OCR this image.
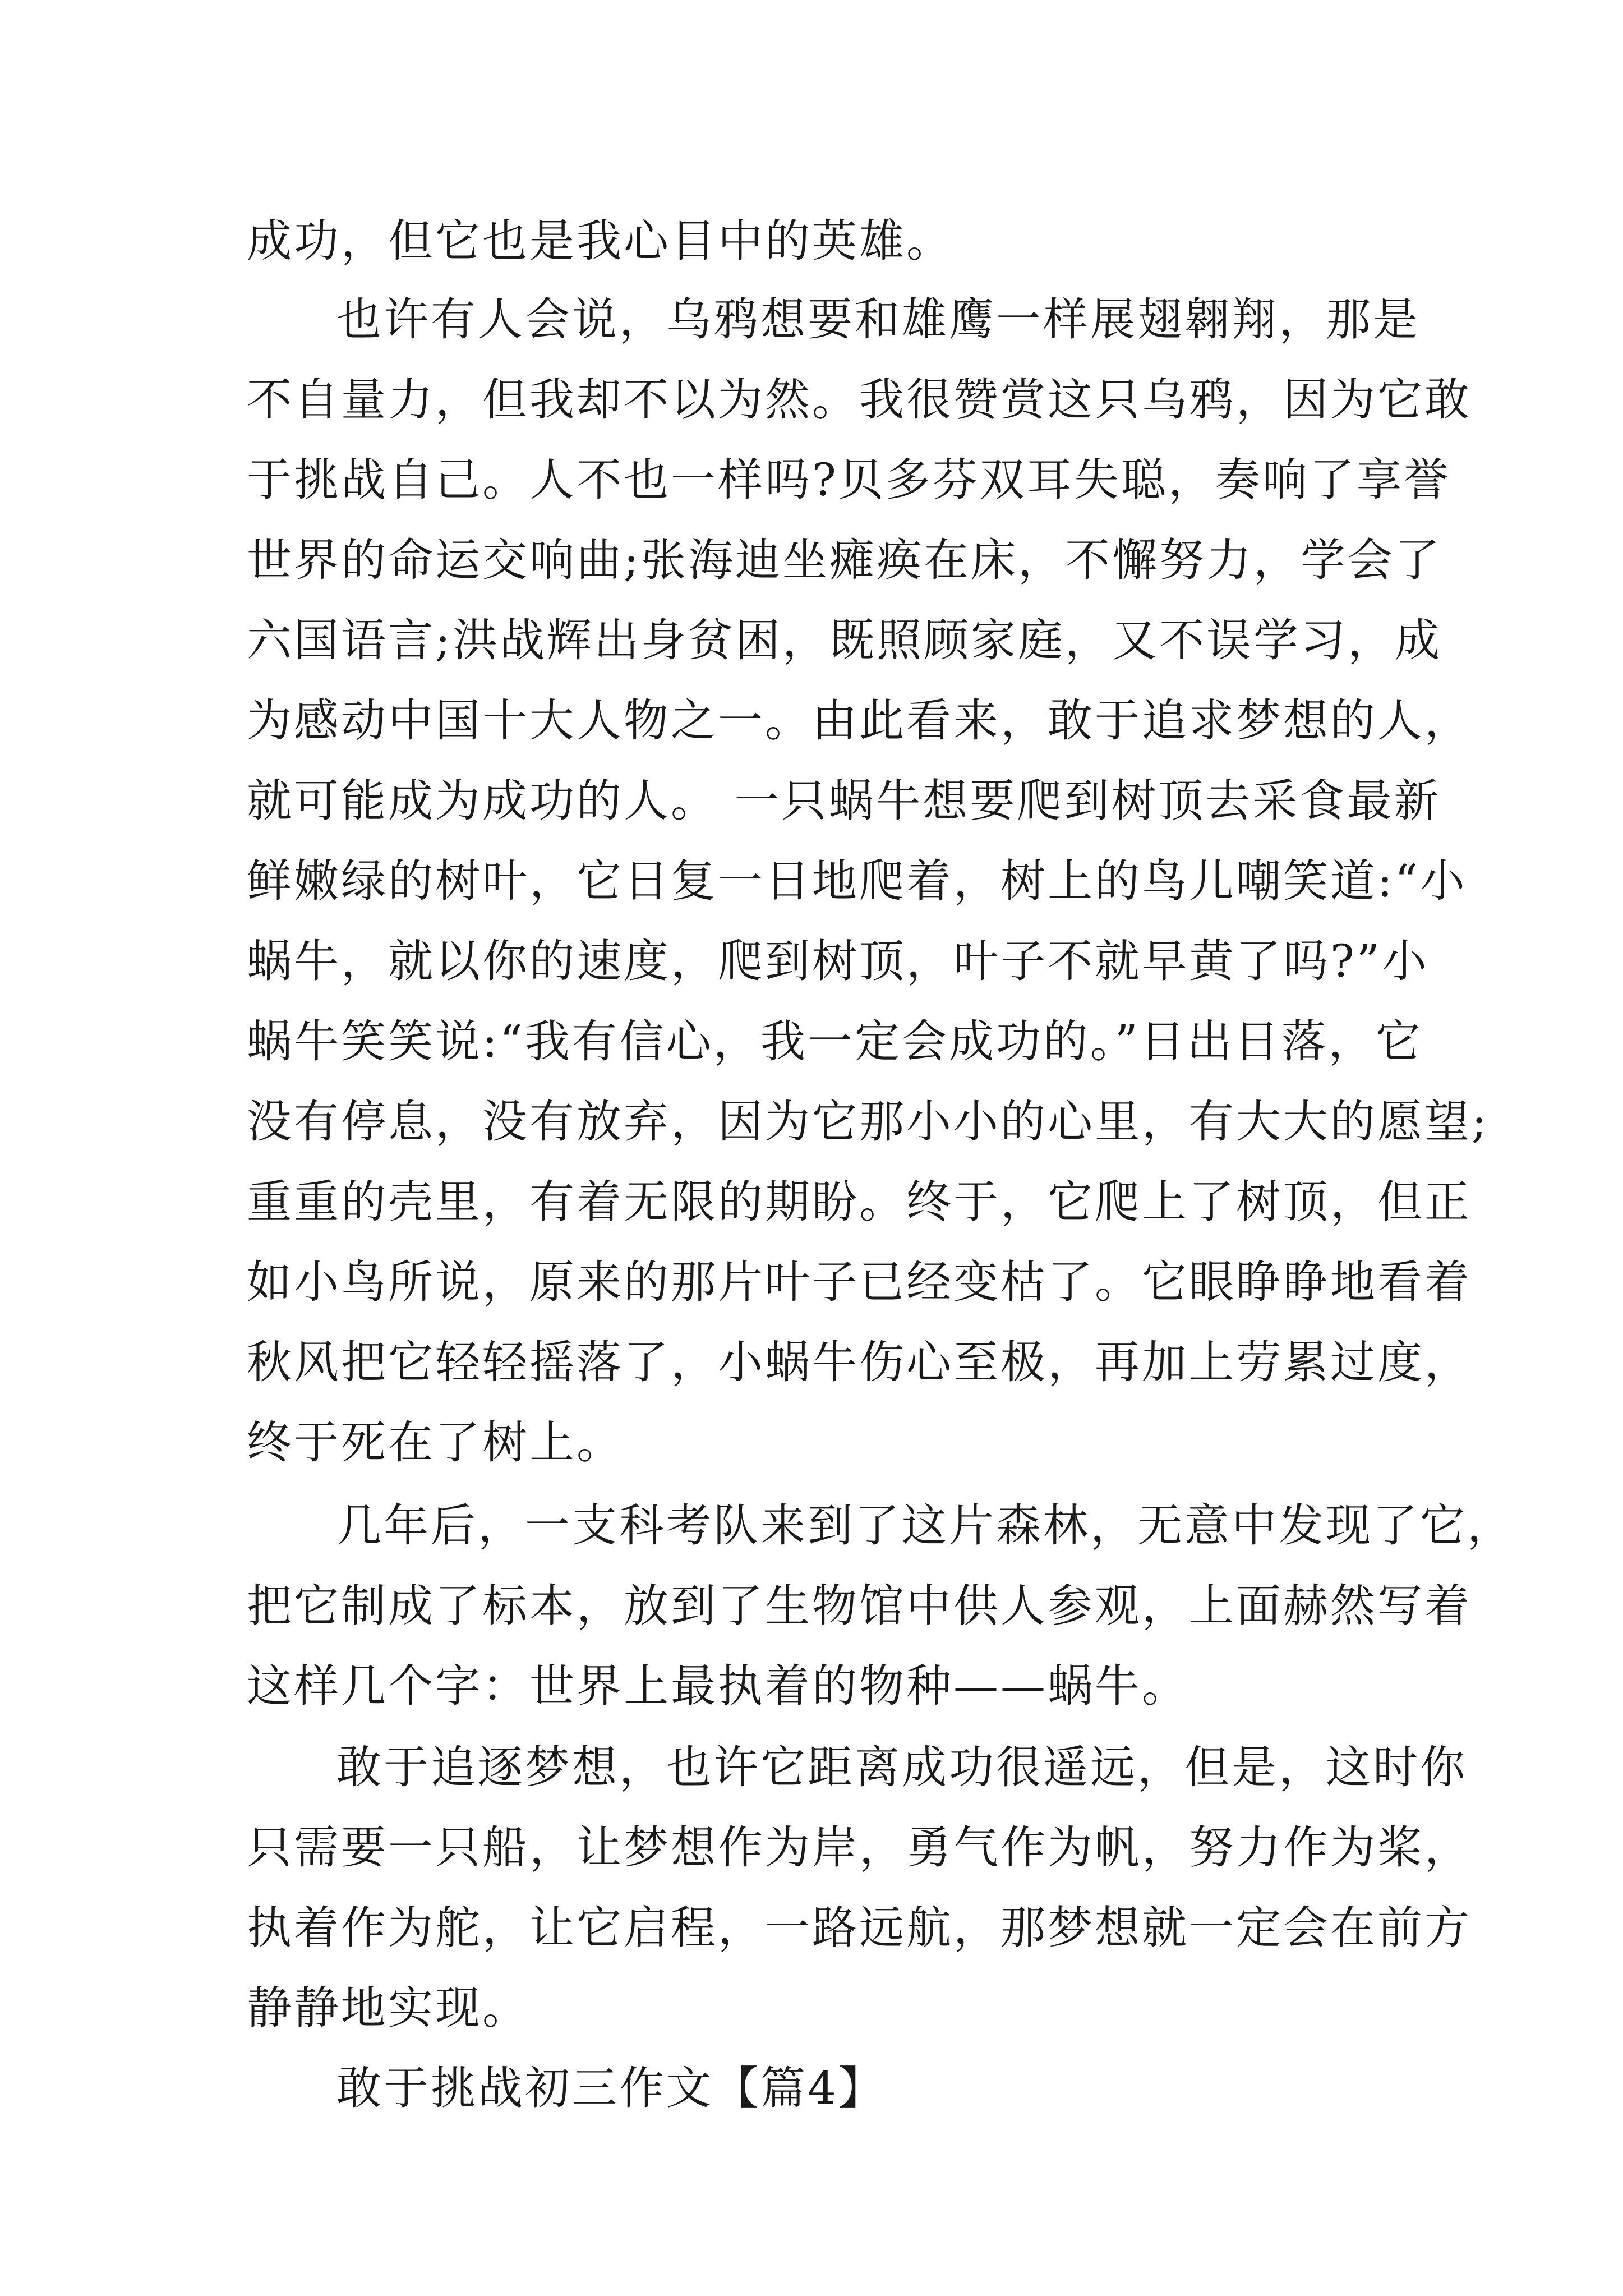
成功，但它也是我心目中的英雄。
也许有人会说，乌鸦想要和雄鹰一样展翅翱翔，那是
不自量力，但我却不以为然。我很赞赏这只乌鸦，因为它敢
于挑战自己。人不也一样吗?贝多芬双耳失聪，奏响了享誉
世界的命运交响曲;张海迪坐瘫痪在床，不懈努力，学会了
六国语言;洪战辉出身贫困，既照顾家庭，又不误学习，成
为感动中国十大人物之一。由此看来，敢于追求梦想的人，
就可能成为成功的人。 一只蜗牛想要爬到树顶去采食最新
鲜嫩绿的树叶，它日复一日地爬着，树上的鸟儿嘲笑道:“小
蜗牛，就以你的速度，爬到树顶，叶子不就早黄了吗?”小
蜗牛笑笑说:“我有信心，我一定会成功的。”日出日落，它
没有停息，没有放弃，因为它那小小的心里，有大大的愿望;
重重的壳里，有着无限的期盼。终于，它爬上了树顶，但正
如小鸟所说，原来的那片叶子已经变枯了。它眼睁睁地看着
秋风把它轻轻摇落了，小蜗牛伤心至极，再加上劳累过度，
终于死在了树上。
几年后，一支科考队来到了这片森林，无意中发现了它，
把它制成了标本，放到了生物馆中供人参观，上面赫然写着
这样几个字：世界上最执着的物种——蜗牛。
敢于追逐梦想，也许它距离成功很遥远，但是，这时你
只需要一只船，让梦想作为岸，勇气作为帆，努力作为桨，
执着作为舵，让它启程，一路远航，那梦想就一定会在前方
静静地实现。
敢于挑战初三作文【篇4】
